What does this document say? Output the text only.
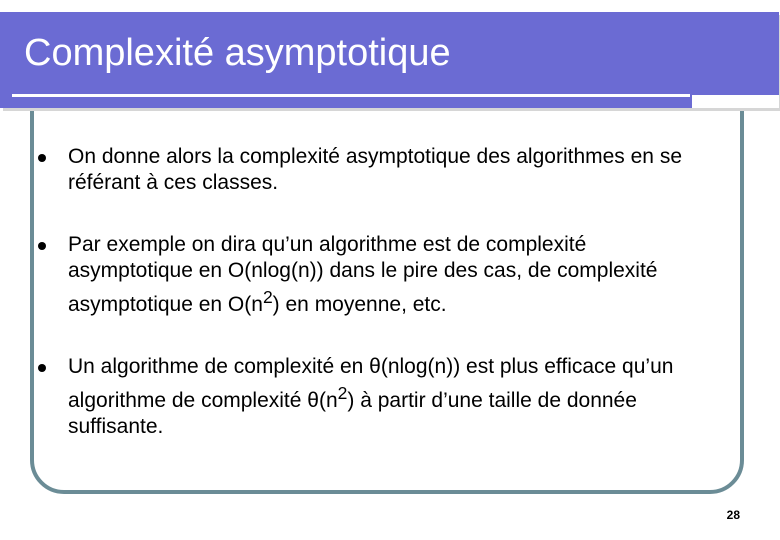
Complexité asymptotique
On donne alors la complexité asymptotique des algorithmes en se référant à ces classes.
Par exemple on dira qu’un algorithme est de complexité asymptotique en O(nlog(n)) dans le pire des cas, de complexité asymptotique en $O(n^2)$ en moyenne, etc.
Un algorithme de complexité en θ(nlog(n)) est plus efficace qu’un algorithme de complexité $\theta(n^2)$ à partir d’une taille de donnée suffisante.
28
